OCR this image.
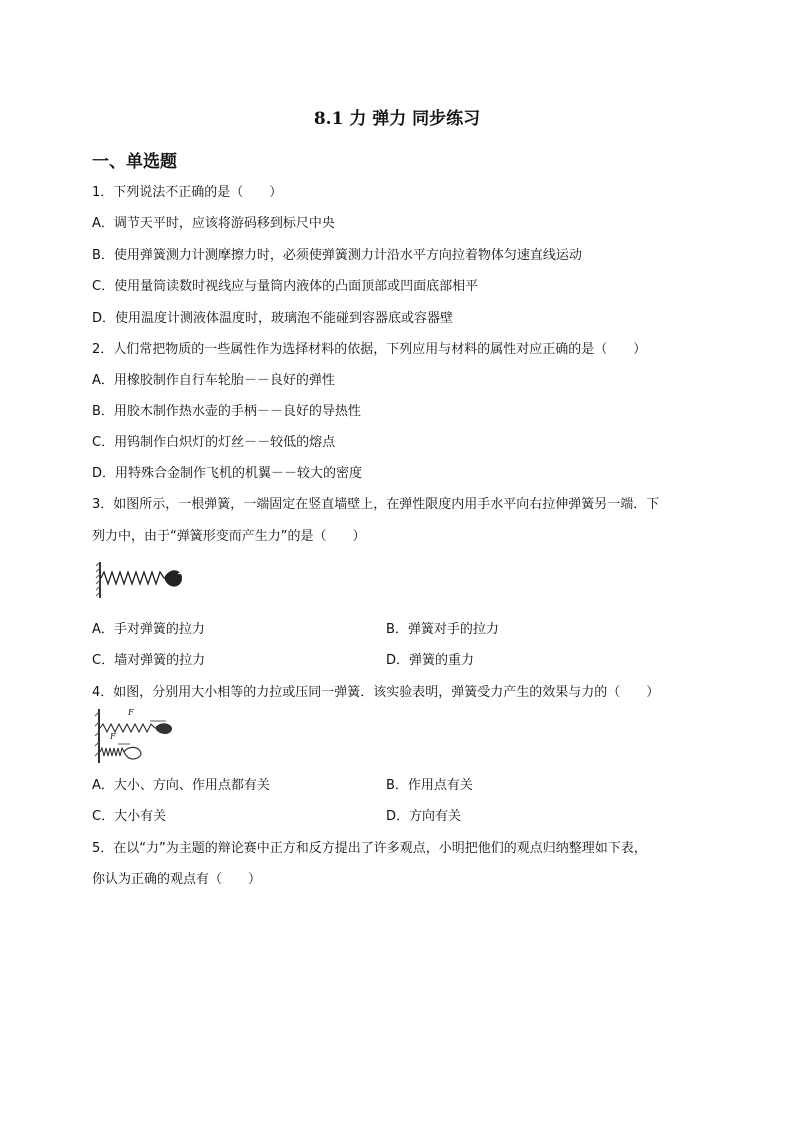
8.1 力 弹力 同步练习
一、单选题
1．下列说法不正确的是（　　）
A．调节天平时，应该将游码移到标尺中央
B．使用弹簧测力计测摩擦力时，必须使弹簧测力计沿水平方向拉着物体匀速直线运动
C．使用量筒读数时视线应与量筒内液体的凸面顶部或凹面底部相平
D．使用温度计测液体温度时，玻璃泡不能碰到容器底或容器壁
2．人们常把物质的一些属性作为选择材料的依据，下列应用与材料的属性对应正确的是（　　）
A．用橡胶制作自行车轮胎－－良好的弹性
B．用胶木制作热水壶的手柄－－良好的导热性
C．用钨制作白炽灯的灯丝－－较低的熔点
D．用特殊合金制作飞机的机翼－－较大的密度
3．如图所示，一根弹簧，一端固定在竖直墙壁上，在弹性限度内用手水平向右拉伸弹簧另一端．下
列力中，由于“弹簧形变而产生力”的是（　　）
A．手对弹簧的拉力	B．弹簧对手的拉力
C．墙对弹簧的拉力	D．弹簧的重力
4．如图，分别用大小相等的力拉或压同一弹簧．该实验表明，弹簧受力产生的效果与力的（　　）
F
F
A．大小、方向、作用点都有关	B．作用点有关
C．大小有关	D．方向有关
5．在以“力”为主题的辩论赛中正方和反方提出了许多观点，小明把他们的观点归纳整理如下表，
你认为正确的观点有（　　）
